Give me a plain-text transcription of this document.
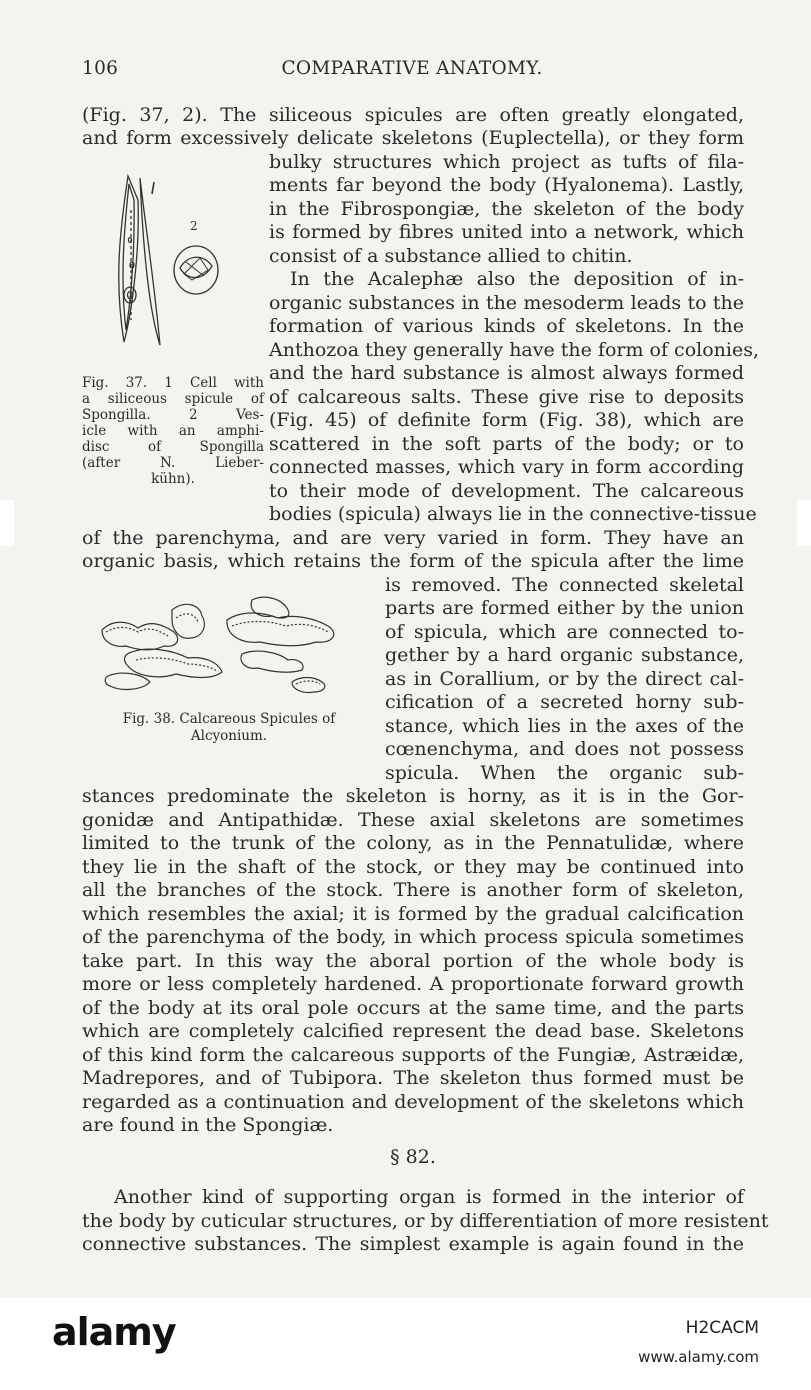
106	COMPARATIVE ANATOMY.
2
Fig. 37. 1 Cell with
a siliceous spicule of
Spongilla. 2 Ves-
icle with an amphi-
disc of Spongilla
(after N. Lieber-
kühn).
Fig. 38. Calcareous Spicules of
Alcyonium.
(Fig. 37, 2). The siliceous spicules are often greatly elongated,
and form excessively delicate skeletons (Euplectella), or they form
bulky structures which project as tufts of fila-
ments far beyond the body (Hyalonema). Lastly,
in the Fibrospongiæ, the skeleton of the body
is formed by fibres united into a network, which
consist of a substance allied to chitin.
In the Acalephæ also the deposition of in-
organic substances in the mesoderm leads to the
formation of various kinds of skeletons. In the
Anthozoa they generally have the form of colonies,
and the hard substance is almost always formed
of calcareous salts. These give rise to deposits
(Fig. 45) of definite form (Fig. 38), which are
scattered in the soft parts of the body; or to
connected masses, which vary in form according
to their mode of development. The calcareous
bodies (spicula) always lie in the connective-tissue
of the parenchyma, and are very varied in form. They have an
organic basis, which retains the form of the spicula after the lime
is removed. The connected skeletal
parts are formed either by the union
of spicula, which are connected to-
gether by a hard organic substance,
as in Corallium, or by the direct cal-
cification of a secreted horny sub-
stance, which lies in the axes of the
cœnenchyma, and does not possess
spicula. When the organic sub-
stances predominate the skeleton is horny, as it is in the Gor-
gonidæ and Antipathidæ. These axial skeletons are sometimes
limited to the trunk of the colony, as in the Pennatulidæ, where
they lie in the shaft of the stock, or they may be continued into
all the branches of the stock. There is another form of skeleton,
which resembles the axial; it is formed by the gradual calcification
of the parenchyma of the body, in which process spicula sometimes
take part. In this way the aboral portion of the whole body is
more or less completely hardened. A proportionate forward growth
of the body at its oral pole occurs at the same time, and the parts
which are completely calcified represent the dead base. Skeletons
of this kind form the calcareous supports of the Fungiæ, Astræidæ,
Madrepores, and of Tubipora. The skeleton thus formed must be
regarded as a continuation and development of the skeletons which
are found in the Spongiæ.
§ 82.
Another kind of supporting organ is formed in the interior of
the body by cuticular structures, or by differentiation of more resistent
connective substances. The simplest example is again found in the
alamy	H2CACM
www.alamy.com
